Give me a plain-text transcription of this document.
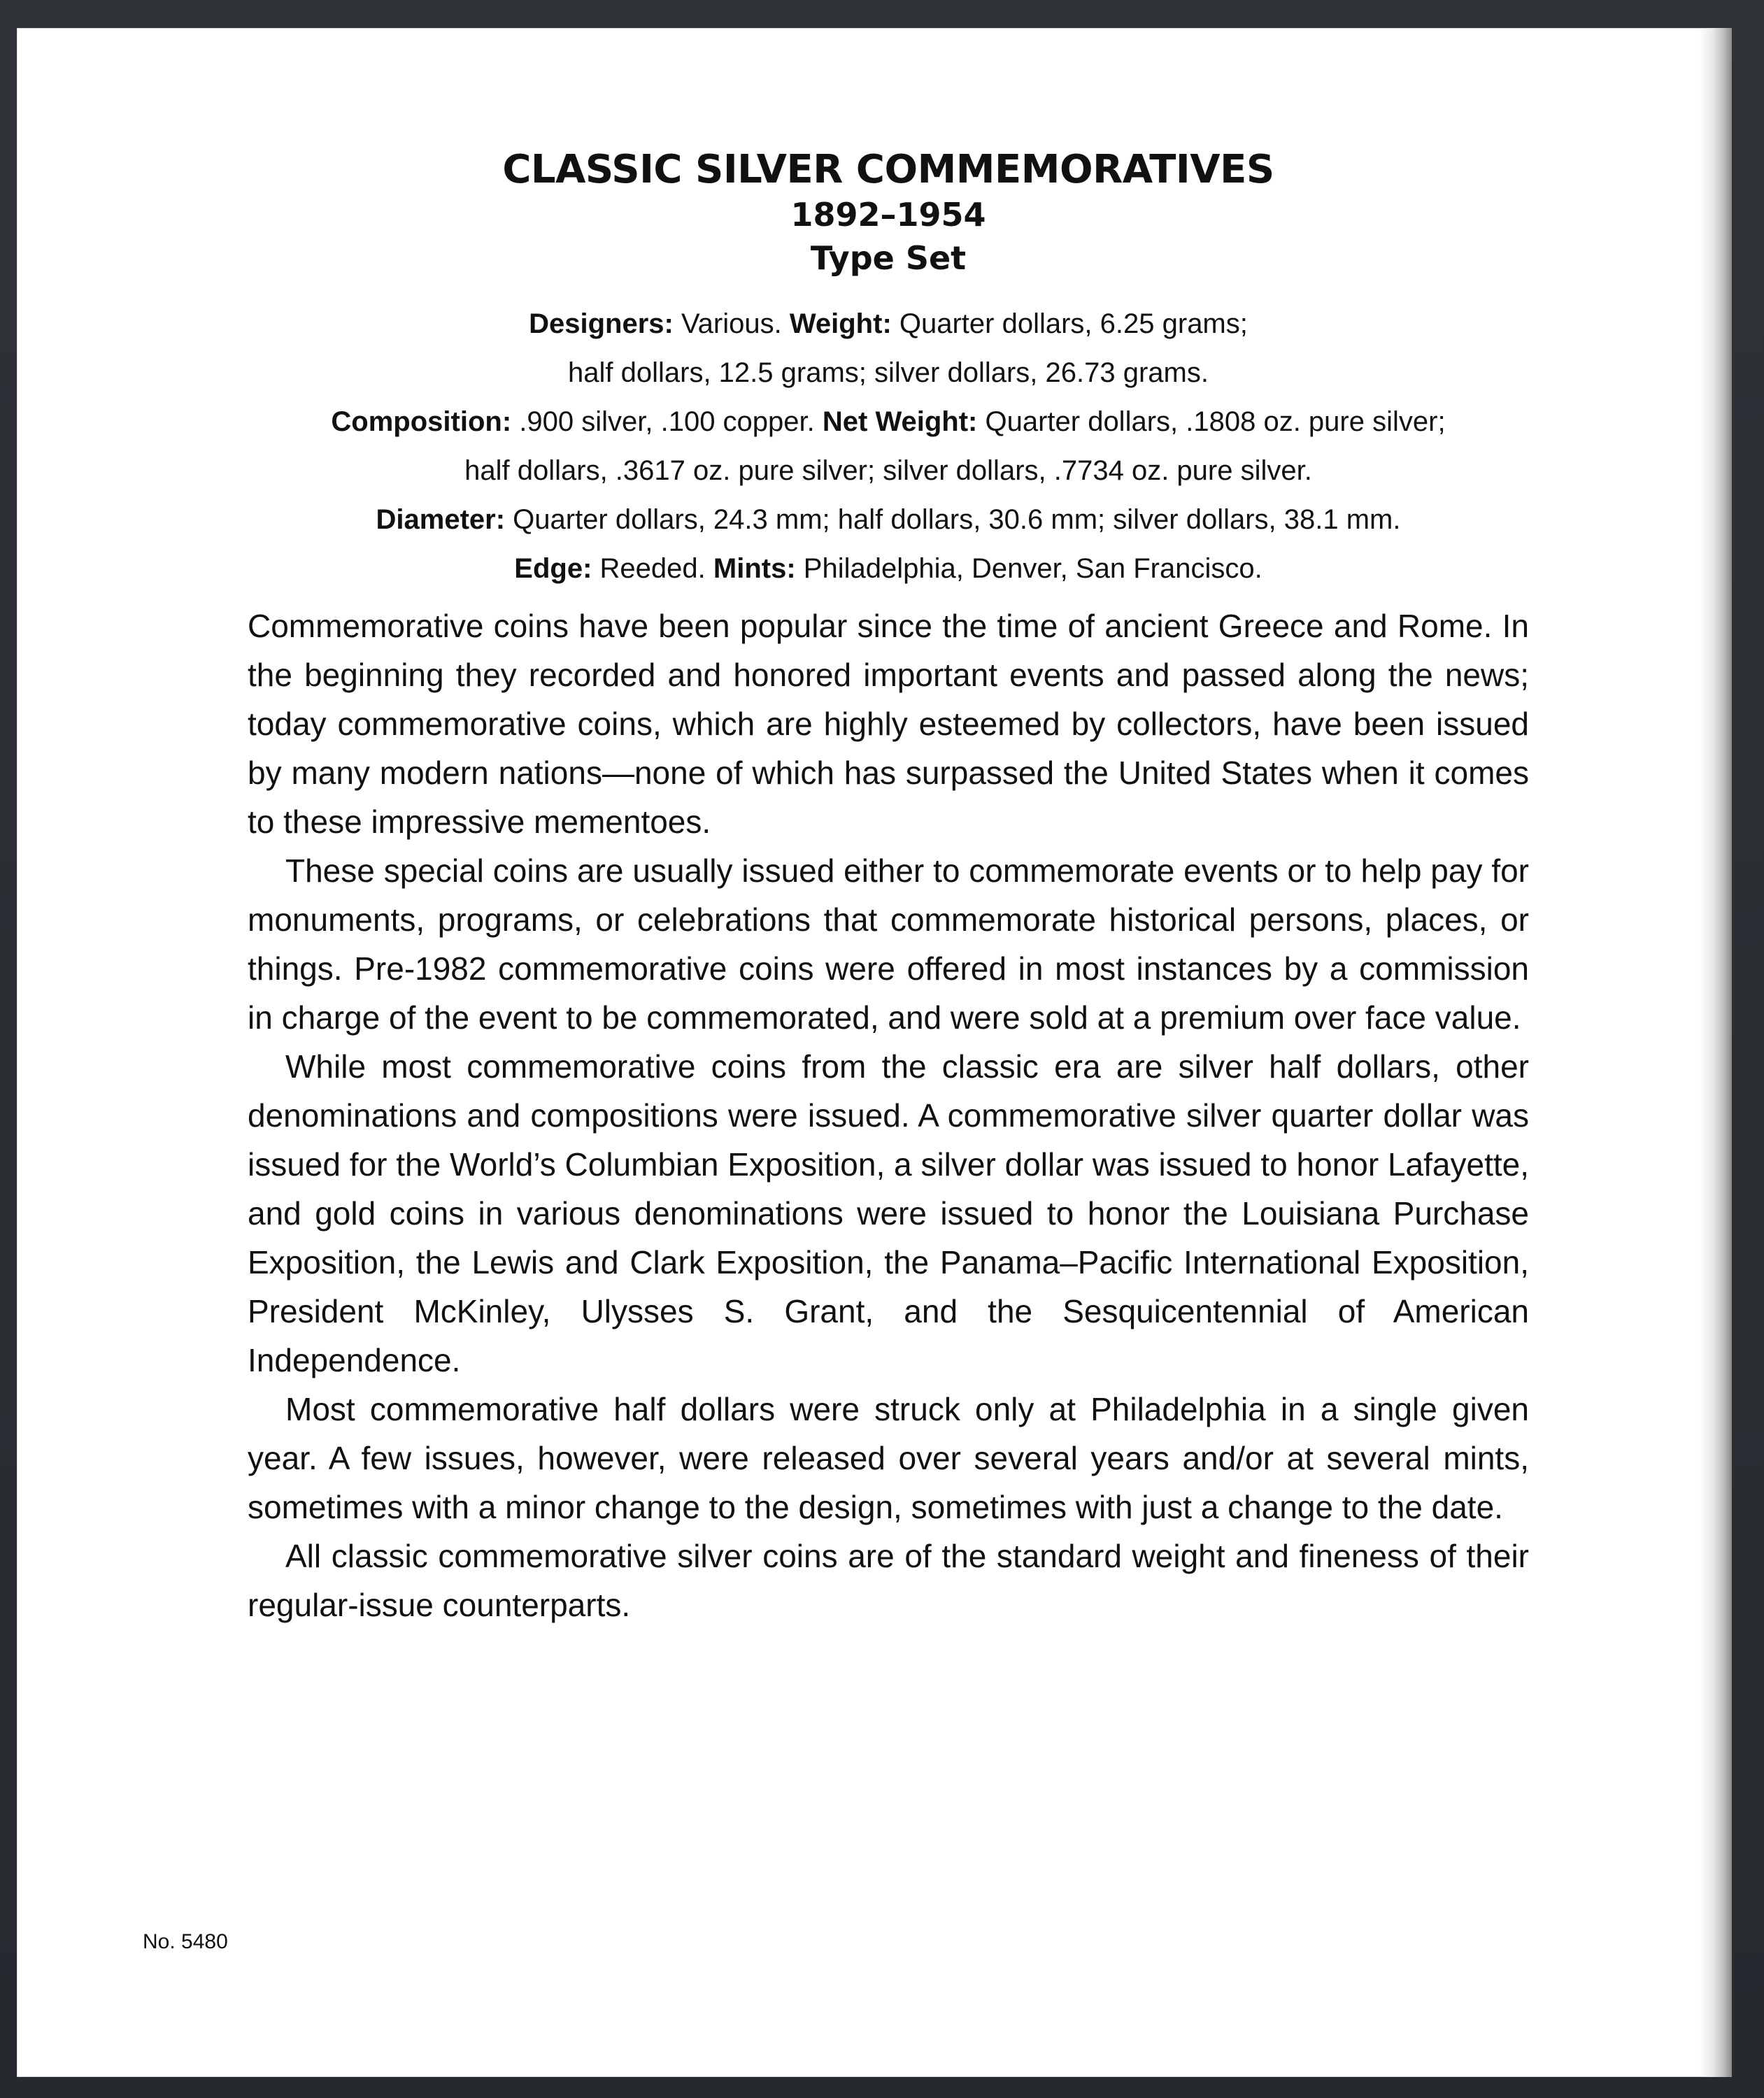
CLASSIC SILVER COMMEMORATIVES
1892–1954
Type Set
Designers: Various. Weight: Quarter dollars, 6.25 grams;
half dollars, 12.5 grams; silver dollars, 26.73 grams.
Composition: .900 silver, .100 copper. Net Weight: Quarter dollars, .1808 oz. pure silver;
half dollars, .3617 oz. pure silver; silver dollars, .7734 oz. pure silver.
Diameter: Quarter dollars, 24.3 mm; half dollars, 30.6 mm; silver dollars, 38.1 mm.
Edge: Reeded. Mints: Philadelphia, Denver, San Francisco.

Commemorative coins have been popular since the time of ancient Greece and Rome. In the beginning they recorded and honored important events and passed along the news; today commemorative coins, which are highly esteemed by collectors, have been issued by many modern nations—none of which has surpassed the United States when it comes to these impressive mementoes.

These special coins are usually issued either to commemorate events or to help pay for monuments, programs, or celebrations that commemorate historical persons, places, or things. Pre-1982 commemorative coins were offered in most instances by a commission in charge of the event to be commemorated, and were sold at a premium over face value.

While most commemorative coins from the classic era are silver half dollars, other denominations and compositions were issued. A commemorative silver quarter dollar was issued for the World’s Columbian Exposition, a silver dollar was issued to honor Lafayette, and gold coins in various denominations were issued to honor the Louisiana Purchase Exposition, the Lewis and Clark Exposition, the Panama–Pacific International Exposition, President McKinley, Ulysses S. Grant, and the Sesquicentennial of American Independence.

Most commemorative half dollars were struck only at Philadelphia in a single given year. A few issues, however, were released over several years and/or at several mints, sometimes with a minor change to the design, sometimes with just a change to the date.

All classic commemorative silver coins are of the standard weight and fineness of their regular-issue counterparts.

No. 5480
